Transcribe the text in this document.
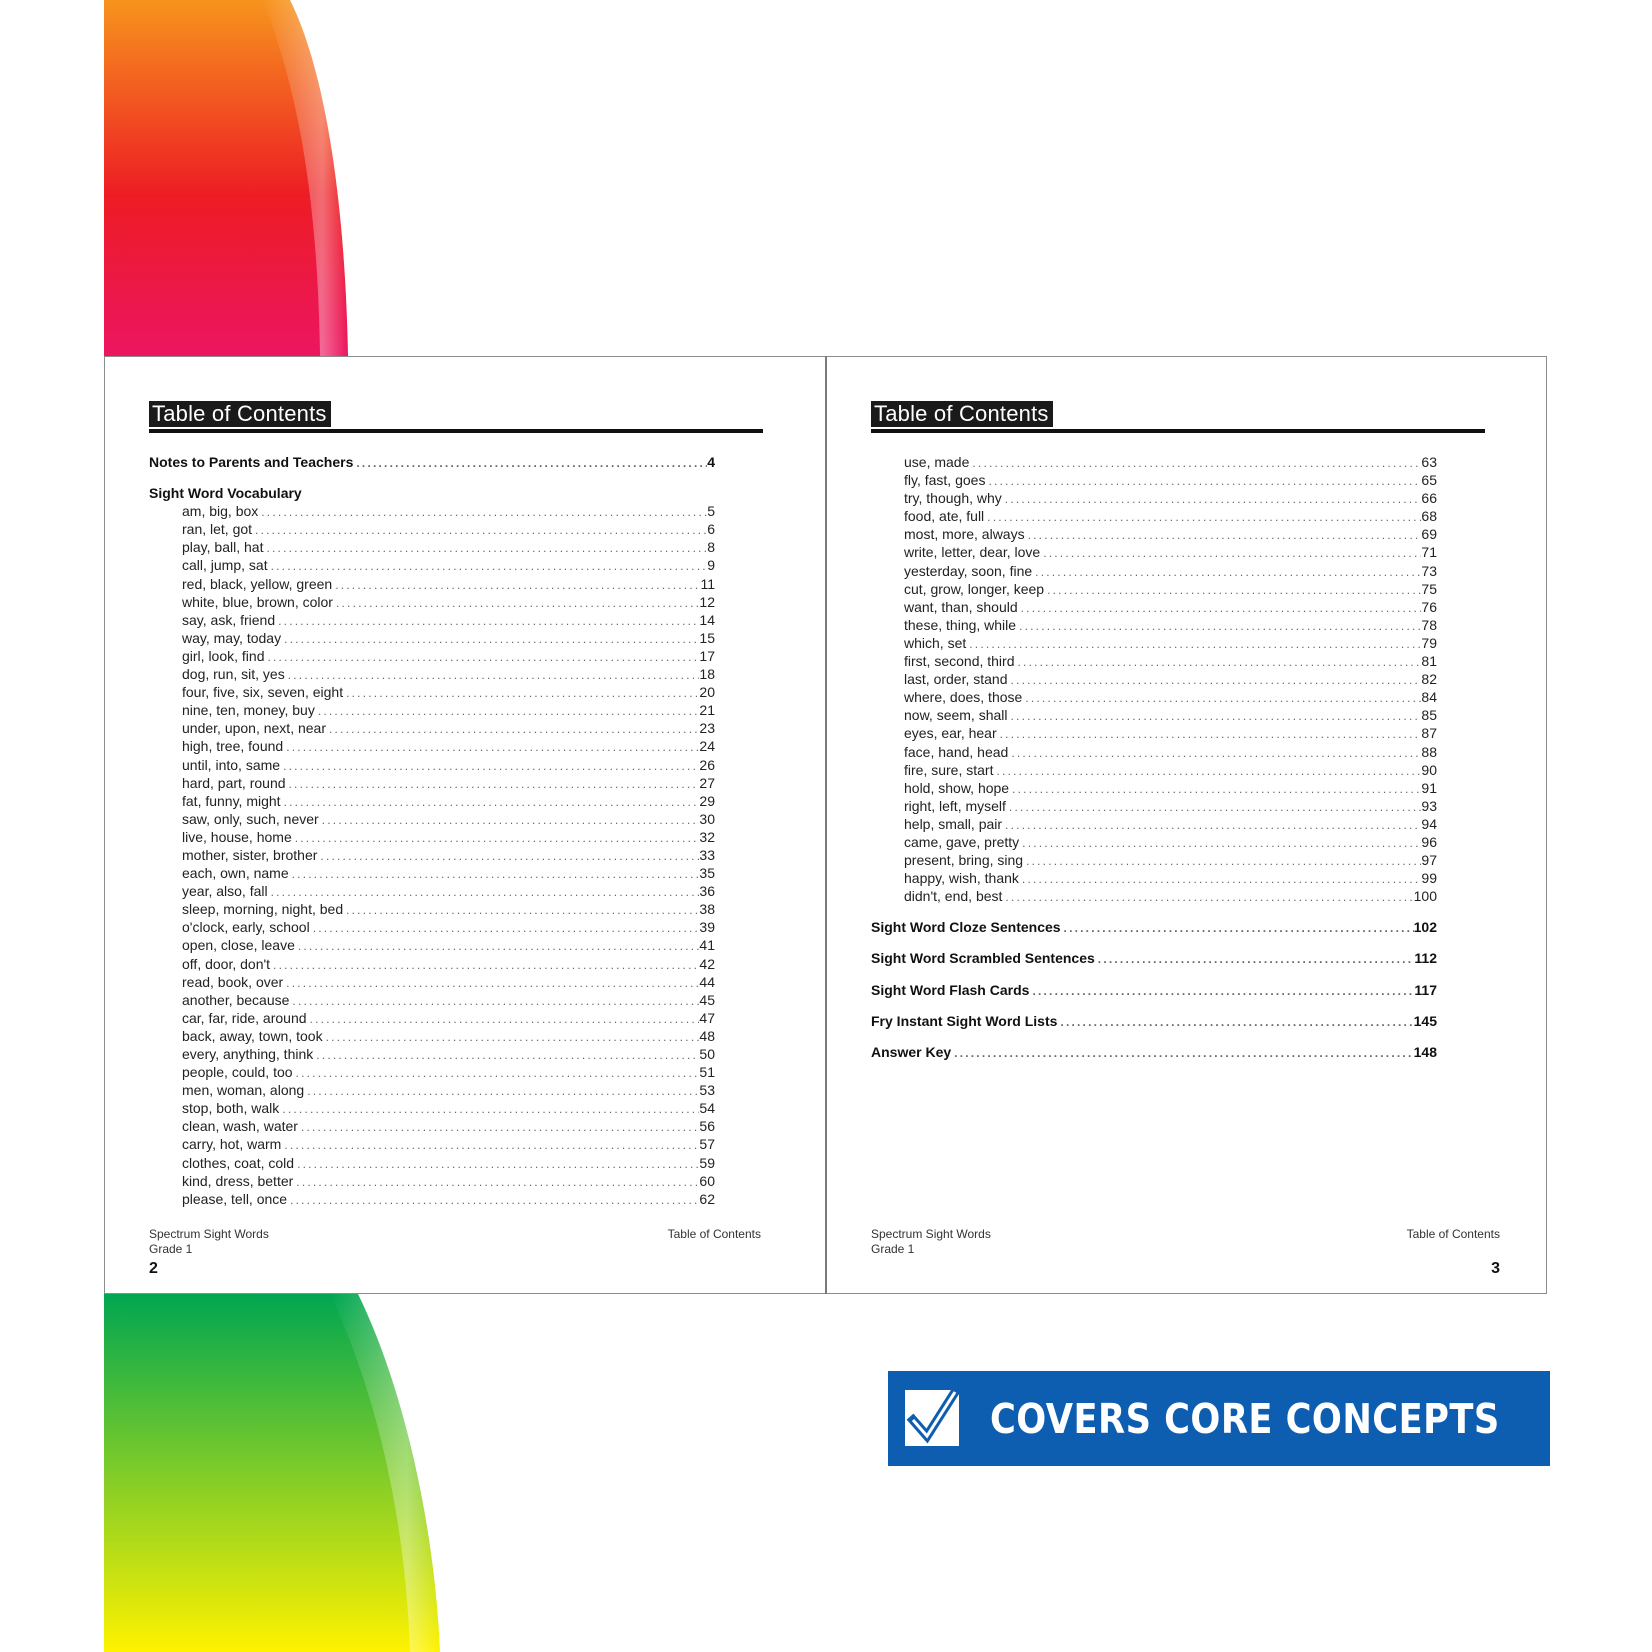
Table of Contents
Notes to Parents and Teachers .....	4
Sight Word Vocabulary
am, big, box .....	5
ran, let, got .....	6
play, ball, hat .....	8
call, jump, sat .....	9
red, black, yellow, green .....	11
white, blue, brown, color .....	12
say, ask, friend .....	14
way, may, today .....	15
girl, look, find .....	17
dog, run, sit, yes .....	18
four, five, six, seven, eight .....	20
nine, ten, money, buy .....	21
under, upon, next, near .....	23
high, tree, found .....	24
until, into, same .....	26
hard, part, round .....	27
fat, funny, might .....	29
saw, only, such, never .....	30
live, house, home .....	32
mother, sister, brother .....	33
each, own, name .....	35
year, also, fall .....	36
sleep, morning, night, bed .....	38
o'clock, early, school .....	39
open, close, leave .....	41
off, door, don't .....	42
read, book, over .....	44
another, because .....	45
car, far, ride, around .....	47
back, away, town, took .....	48
every, anything, think .....	50
people, could, too .....	51
men, woman, along .....	53
stop, both, walk .....	54
clean, wash, water .....	56
carry, hot, warm .....	57
clothes, coat, cold .....	59
kind, dress, better .....	60
please, tell, once .....	62
Spectrum Sight Words
Grade 1
Table of Contents
2
Table of Contents
use, made .....	63
fly, fast, goes .....	65
try, though, why .....	66
food, ate, full .....	68
most, more, always .....	69
write, letter, dear, love .....	71
yesterday, soon, fine .....	73
cut, grow, longer, keep .....	75
want, than, should .....	76
these, thing, while .....	78
which, set .....	79
first, second, third .....	81
last, order, stand .....	82
where, does, those .....	84
now, seem, shall .....	85
eyes, ear, hear .....	87
face, hand, head .....	88
fire, sure, start .....	90
hold, show, hope .....	91
right, left, myself .....	93
help, small, pair .....	94
came, gave, pretty .....	96
present, bring, sing .....	97
happy, wish, thank .....	99
didn't, end, best .....	100
Sight Word Cloze Sentences .....	102
Sight Word Scrambled Sentences .....	112
Sight Word Flash Cards .....	117
Fry Instant Sight Word Lists .....	145
Answer Key .....	148
Spectrum Sight Words
Grade 1
Table of Contents
3
COVERS CORE CONCEPTS
